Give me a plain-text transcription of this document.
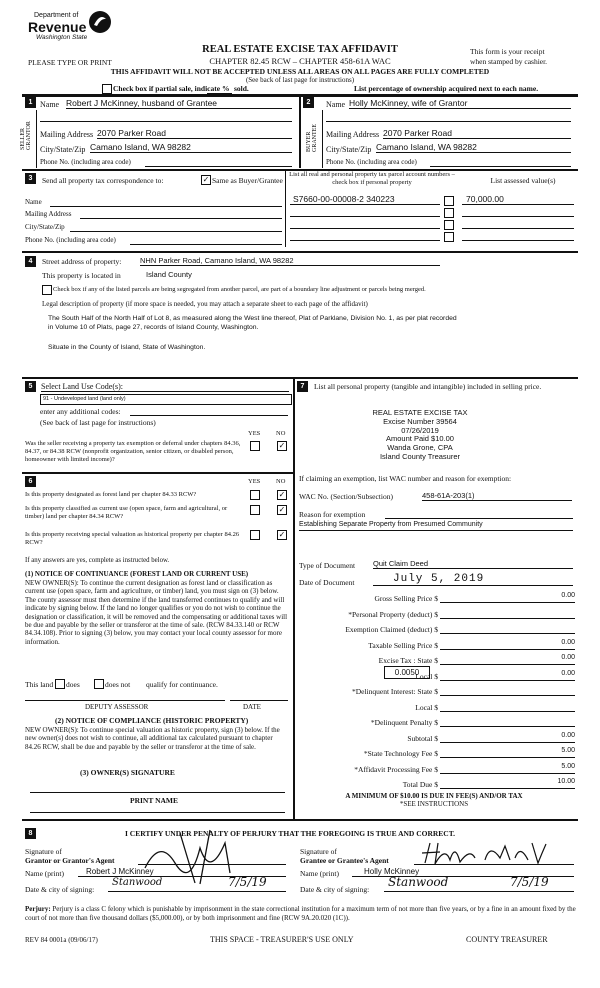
Department of
Revenue
Washington State
REAL ESTATE EXCISE TAX AFFIDAVIT
CHAPTER 82.45 RCW – CHAPTER 458-61A WAC
PLEASE TYPE OR PRINT
This form is your receipt
when stamped by cashier.
THIS AFFIDAVIT WILL NOT BE ACCEPTED UNLESS ALL AREAS ON ALL PAGES ARE FULLY COMPLETED
(See back of last page for instructions)
Check box if partial sale, indicate % sold.	List percentage of ownership acquired next to each name.
1	2
SELLER GRANTOR	BUYER GRANTEE
Name Robert J McKinney, husband of Grantee
Mailing Address 2070 Parker Road
City/State/Zip Camano Island, WA 98282
Phone No. (including area code)
Name Holly McKinney, wife of Grantor
Mailing Address 2070 Parker Road
City/State/Zip Camano Island, WA 98282
Phone No. (including area code)
3	Send all property tax correspondence to:	✓ Same as Buyer/Grantee
List all real and personal property tax parcel account numbers – check box if personal property	List assessed value(s)
Name
Mailing Address
City/State/Zip
Phone No. (including area code)
S7660-00-00008-2 340223	70,000.00
4	Street address of property: NHN Parker Road, Camano Island, WA 98282
This property is located in	Island County
Check box if any of the listed parcels are being segregated from another parcel, are part of a boundary line adjustment or parcels being merged.
Legal description of property (if more space is needed, you may attach a separate sheet to each page of the affidavit)
The South Half of the North Half of Lot 8, as measured along the West line thereof, Plat of Parklane, Division No. 1, as per plat recorded
in Volume 10 of Plats, page 27, records of Island County, Washington.
Situate in the County of Island, State of Washington.
5	Select Land Use Code(s):
91 - Undeveloped land (land only)
enter any additional codes:
(See back of last page for instructions)
YES NO
Was the seller receiving a property tax exemption or deferral under chapters 84.36, 84.37, or 84.38 RCW (nonprofit organization, senior citizen, or disabled person, homeowner with limited income)?
✓
6	YES NO
Is this property designated as forest land per chapter 84.33 RCW?	✓
Is this property classified as current use (open space, farm and agricultural, or timber) land per chapter 84.34 RCW?
✓
Is this property receiving special valuation as historical property per chapter 84.26 RCW?
✓
If any answers are yes, complete as instructed below.
(1) NOTICE OF CONTINUANCE (FOREST LAND OR CURRENT USE)
NEW OWNER(S): To continue the current designation as forest land or classification as current use (open space, farm and agriculture, or timber) land, you must sign on (3) below. The county assessor must then determine if the land transferred continues to qualify and will indicate by signing below. If the land no longer qualifies or you do not wish to continue the designation or classification, it will be removed and the compensating or additional taxes will be due and payable by the seller or transferor at the time of sale. (RCW 84.33.140 or RCW 84.34.108). Prior to signing (3) below, you may contact your local county assessor for more information.
This land does	does not qualify for continuance.
DEPUTY ASSESSOR	DATE
(2) NOTICE OF COMPLIANCE (HISTORIC PROPERTY)
NEW OWNER(S): To continue special valuation as historic property, sign (3) below. If the new owner(s) does not wish to continue, all additional tax calculated pursuant to chapter 84.26 RCW, shall be due and payable by the seller or transferor at the time of sale.
(3) OWNER(S) SIGNATURE
PRINT NAME
7	List all personal property (tangible and intangible) included in selling price.
REAL ESTATE EXCISE TAX
Excise Number 39564
07/26/2019
Amount Paid $10.00
Wanda Grone, CPA
Island County Treasurer
If claiming an exemption, list WAC number and reason for exemption:
WAC No. (Section/Subsection)	458-61A-203(1)
Reason for exemption
Establishing Separate Property from Presumed Community
Type of Document Quit Claim Deed
Date of Document	July 5, 2019
Gross Selling Price $	0.00
*Personal Property (deduct) $
Exemption Claimed (deduct) $
Taxable Selling Price $	0.00
Excise Tax : State $	0.00
Local $	0.00
*Delinquent Interest: State $
Local $
*Delinquent Penalty $
Subtotal $	0.00
*State Technology Fee $	5.00
*Affidavit Processing Fee $	5.00
Total Due $	10.00
0.0050
A MINIMUM OF $10.00 IS DUE IN FEE(S) AND/OR TAX
*SEE INSTRUCTIONS
8	I CERTIFY UNDER PENALTY OF PERJURY THAT THE FOREGOING IS TRUE AND CORRECT.
Signature of
Grantor or Grantor's Agent
Name (print)	Robert J McKinney
Date & city of signing:
Stanwood	7/5/19
Signature of
Grantee or Grantee's Agent
Name (print)	Holly McKinney
Date & city of signing:
Stanwood	7/5/19
Perjury: Perjury is a class C felony which is punishable by imprisonment in the state correctional institution for a maximum term of not more than five years, or by a fine in an amount fixed by the court of not more than five thousand dollars ($5,000.00), or by both imprisonment and fine (RCW 9A.20.020 (1C)).
REV 84 0001a (09/06/17)	THIS SPACE - TREASURER'S USE ONLY	COUNTY TREASURER
